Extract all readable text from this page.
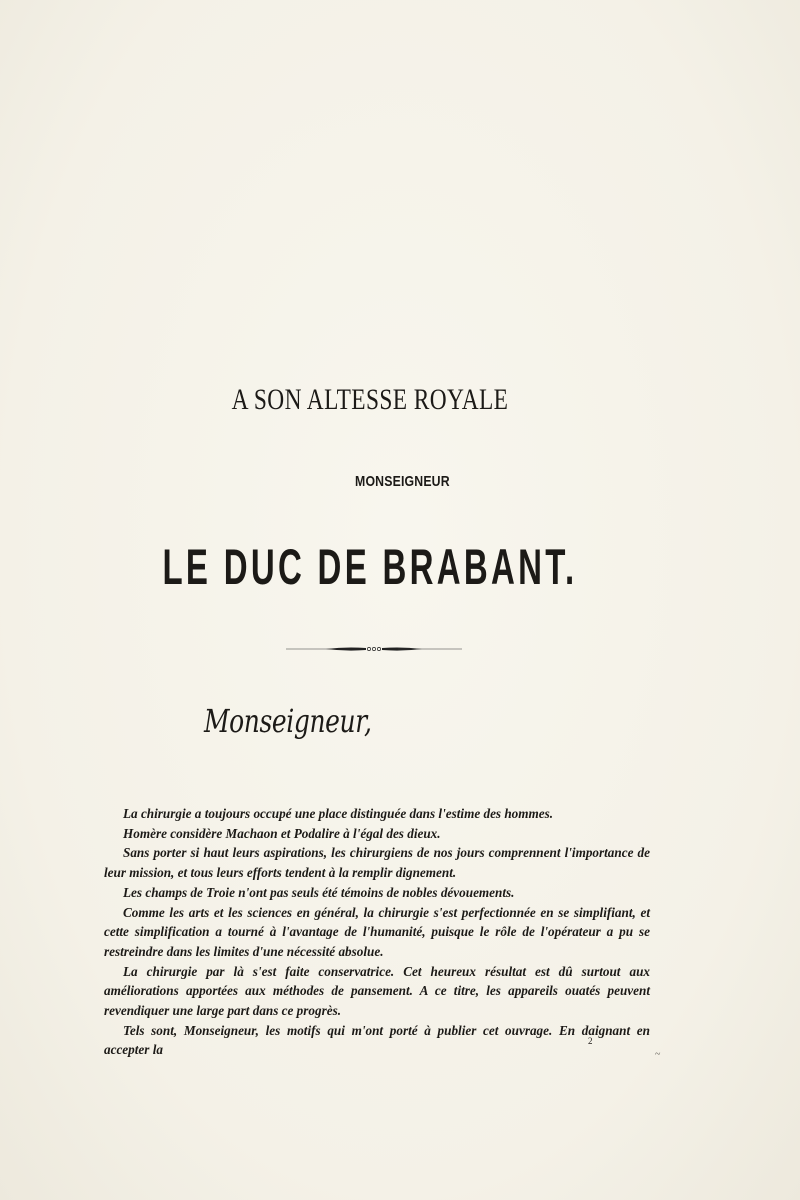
A SON ALTESSE ROYALE
MONSEIGNEUR
LE DUC DE BRABANT.
Monseigneur,

La chirurgie a toujours occupé une place distinguée dans l'estime des hommes.

Homère considère Machaon et Podalire à l'égal des dieux.

Sans porter si haut leurs aspirations, les chirurgiens de nos jours comprennent l'importance de leur mission, et tous leurs efforts tendent à la remplir dignement.

Les champs de Troie n'ont pas seuls été témoins de nobles dévouements.

Comme les arts et les sciences en général, la chirurgie s'est perfectionnée en se simplifiant, et cette simplification a tourné à l'avantage de l'humanité, puisque le rôle de l'opérateur a pu se restreindre dans les limites d'une nécessité absolue.

La chirurgie par là s'est faite conservatrice. Cet heureux résultat est dû surtout aux améliorations apportées aux méthodes de pansement. A ce titre, les appareils ouatés peuvent revendiquer une large part dans ce progrès.

Tels sont, Monseigneur, les motifs qui m'ont porté à publier cet ouvrage. En daignant en accepter la

2
~
